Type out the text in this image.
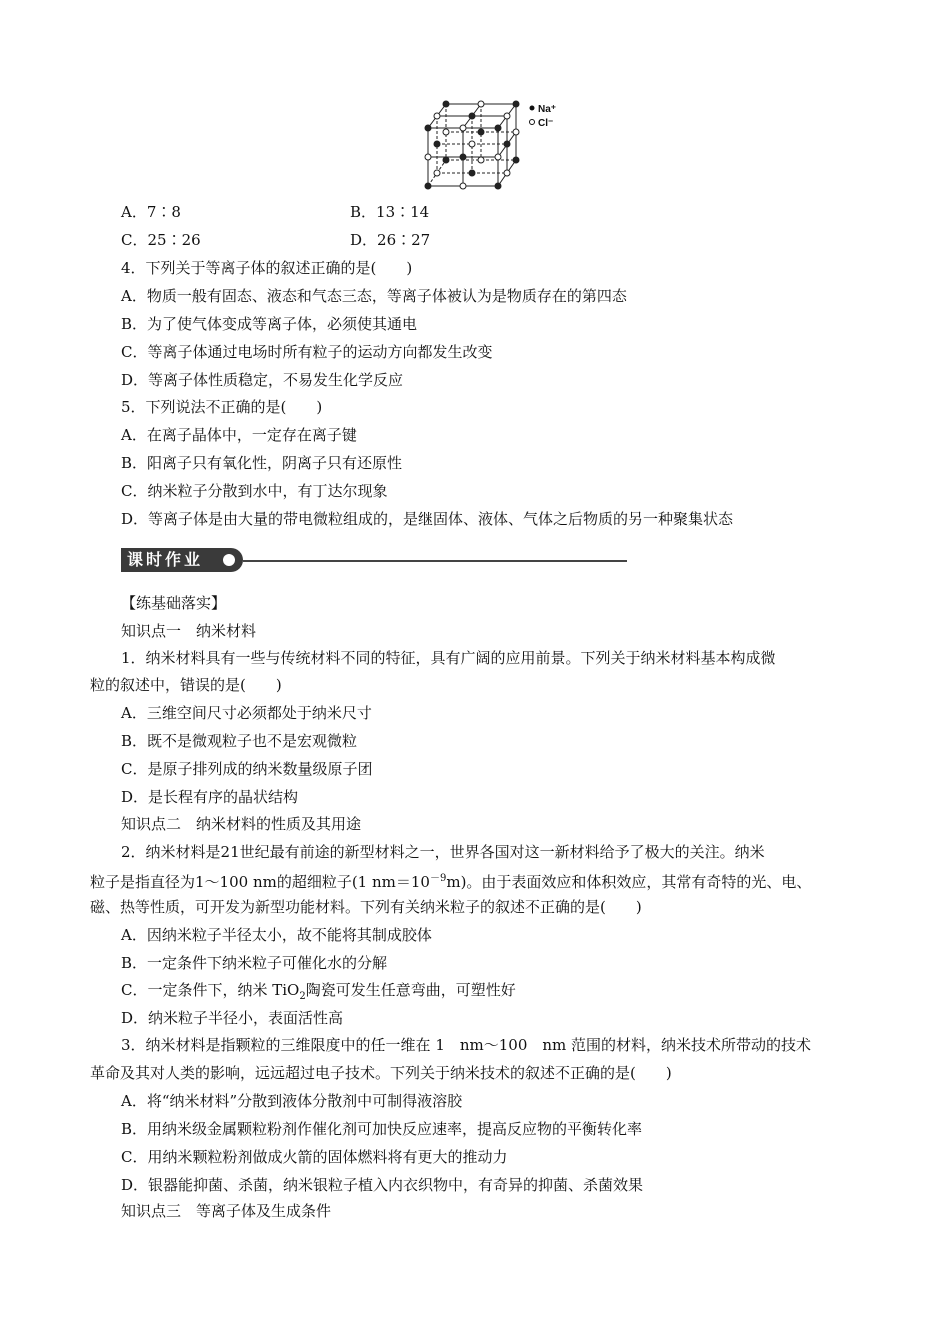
Na⁺
Cl⁻
A．7∶8	B．13∶14
C．25∶26	D．26∶27
4．下列关于等离子体的叙述正确的是(　　)
A．物质一般有固态、液态和气态三态，等离子体被认为是物质存在的第四态
B．为了使气体变成等离子体，必须使其通电
C．等离子体通过电场时所有粒子的运动方向都发生改变
D．等离子体性质稳定，不易发生化学反应
5．下列说法不正确的是(　　)
A．在离子晶体中，一定存在离子键
B．阳离子只有氧化性，阴离子只有还原性
C．纳米粒子分散到水中，有丁达尔现象
D．等离子体是由大量的带电微粒组成的，是继固体、液体、气体之后物质的另一种聚集状态
课时作业
【练基础落实】
知识点一　纳米材料
1．纳米材料具有一些与传统材料不同的特征，具有广阔的应用前景。下列关于纳米材料基本构成微
粒的叙述中，错误的是(　　)
A．三维空间尺寸必须都处于纳米尺寸
B．既不是微观粒子也不是宏观微粒
C．是原子排列成的纳米数量级原子团
D．是长程有序的晶状结构
知识点二　纳米材料的性质及其用途
2．纳米材料是21世纪最有前途的新型材料之一，世界各国对这一新材料给予了极大的关注。纳米
粒子是指直径为1～100 nm的超细粒子(1 $nm=10^{-9}m$)。由于表面效应和体积效应，其常有奇特的光、电、
磁、热等性质，可开发为新型功能材料。下列有关纳米粒子的叙述不正确的是(　　)
A．因纳米粒子半径太小，故不能将其制成胶体
B．一定条件下纳米粒子可催化水的分解
C．一定条件下，纳米 TiO$_2$陶瓷可发生任意弯曲，可塑性好
D．纳米粒子半径小，表面活性高
3．纳米材料是指颗粒的三维限度中的任一维在 1　nm～100　nm 范围的材料，纳米技术所带动的技术
革命及其对人类的影响，远远超过电子技术。下列关于纳米技术的叙述不正确的是(　　)
A．将“纳米材料”分散到液体分散剂中可制得液溶胶
B．用纳米级金属颗粒粉剂作催化剂可加快反应速率，提高反应物的平衡转化率
C．用纳米颗粒粉剂做成火箭的固体燃料将有更大的推动力
D．银器能抑菌、杀菌，纳米银粒子植入内衣织物中，有奇异的抑菌、杀菌效果
知识点三　等离子体及生成条件
